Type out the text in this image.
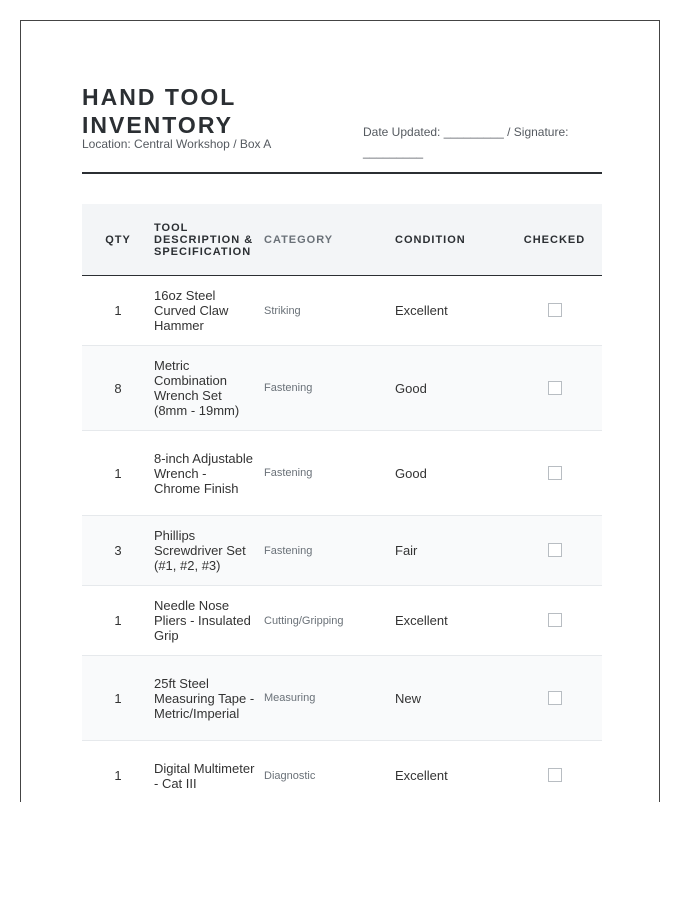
HAND TOOL INVENTORY
Location: Central Workshop / Box A
Date Updated: _________ / Signature: _________
QTY	TOOL DESCRIPTION & SPECIFICATION	CATEGORY	CONDITION	CHECKED
1	16oz Steel Curved Claw Hammer	Striking	Excellent	
8	Metric Combination Wrench Set (8mm - 19mm)	Fastening	Good	
1	8-inch Adjustable Wrench - Chrome Finish	Fastening	Good	
3	Phillips Screwdriver Set (#1, #2, #3)	Fastening	Fair	
1	Needle Nose Pliers - Insulated Grip	Cutting/Gripping	Excellent	
1	25ft Steel Measuring Tape - Metric/Imperial	Measuring	New	
1	Digital Multimeter - Cat III	Diagnostic	Excellent	
